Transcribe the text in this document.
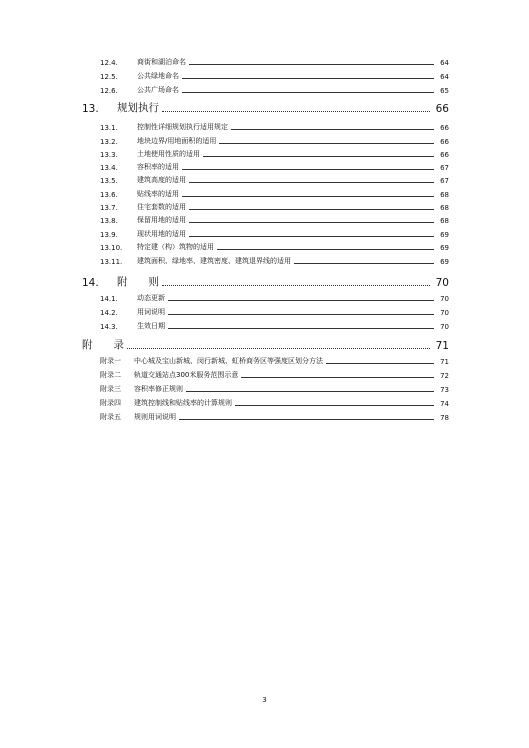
12.4.	商街和湖泊命名	64
12.5.	公共绿地命名	64
12.6.	公共广场命名	65
13.	规划执行	66
13.1.	控制性详细规划执行适用规定	66
13.2.	地块边界/用地面积的适用	66
13.3.	土地使用性质的适用	66
13.4.	容积率的适用	67
13.5.	建筑高度的适用	67
13.6.	贴线率的适用	68
13.7.	住宅套数的适用	68
13.8.	保留用地的适用	68
13.9.	现状用地的适用	69
13.10.	特定建（构）筑物的适用	69
13.11.	建筑面积、绿地率、建筑密度、建筑退界线的适用	69
14.	附　　则	70
14.1.	动态更新	70
14.2.	用词说明	70
14.3.	生效日期	70
附　　录	71
附录一	中心城及宝山新城、闵行新城、虹桥商务区等强度区划分方法	71
附录二	轨道交通站点300米服务范围示意	72
附录三	容积率修正规则	73
附录四	建筑控制线和贴线率的计算规则	74
附录五	规则用词说明	78
3
